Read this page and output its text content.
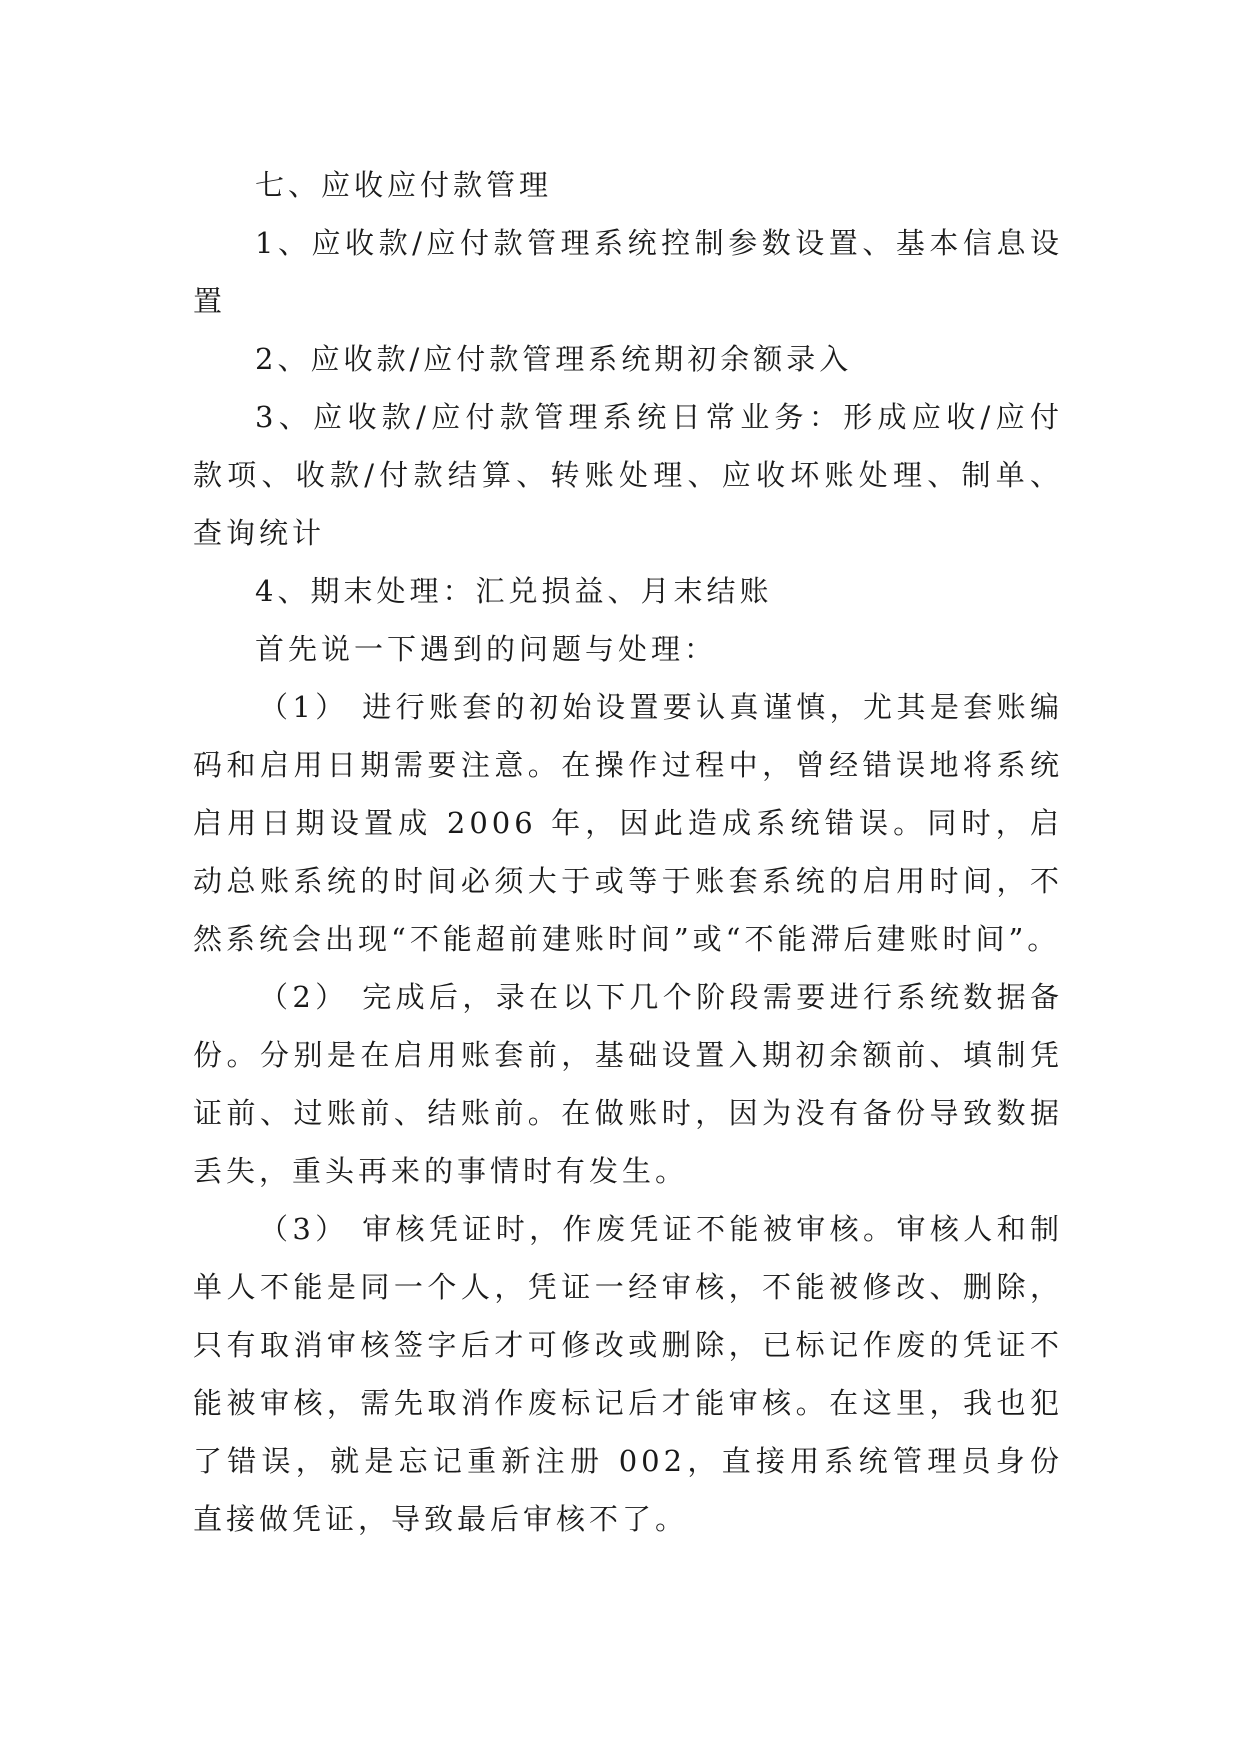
七、应收应付款管理

1、应收款/应付款管理系统控制参数设置、基本信息设置

2、应收款/应付款管理系统期初余额录入

3、应收款/应付款管理系统日常业务：形成应收/应付款项、收款/付款结算、转账处理、应收坏账处理、制单、查询统计

4、期末处理：汇兑损益、月末结账

首先说一下遇到的问题与处理：

（1） 进行账套的初始设置要认真谨慎，尤其是套账编码和启用日期需要注意。在操作过程中，曾经错误地将系统启用日期设置成 2006 年，因此造成系统错误。同时，启动总账系统的时间必须大于或等于账套系统的启用时间，不然系统会出现“不能超前建账时间”或“不能滞后建账时间”。

（2） 完成后，录在以下几个阶段需要进行系统数据备份。分别是在启用账套前，基础设置入期初余额前、填制凭证前、过账前、结账前。在做账时，因为没有备份导致数据丢失，重头再来的事情时有发生。

（3） 审核凭证时，作废凭证不能被审核。审核人和制单人不能是同一个人，凭证一经审核，不能被修改、删除，只有取消审核签字后才可修改或删除，已标记作废的凭证不能被审核，需先取消作废标记后才能审核。在这里，我也犯了错误，就是忘记重新注册 002，直接用系统管理员身份直接做凭证，导致最后审核不了。
